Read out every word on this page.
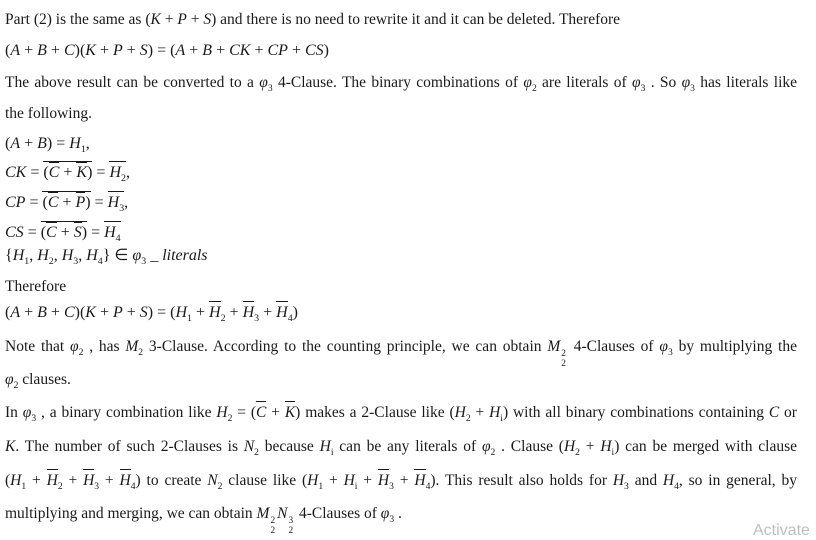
Part (2) is the same as (K + P + S) and there is no need to rewrite it and it can be deleted. Therefore
(A + B + C)(K + P + S) = (A + B + CK + CP + CS)
The above result can be converted to a $\varphi_3$ 4-Clause. The binary combinations of $\varphi_2$ are literals of $\varphi_3$ . So $\varphi_3$ has literals like
the following.
$(A + B) = H_1$,
CK = $(C + K) = H_2$,
CP = $(C + P) = H_3$,
CS = $(C + S) = H_4$
{$H_1$, $H_2$, $H_3$, $H_4$} ∈ $\varphi_3$ _ literals
Therefore
$(A + B + C)(K + P + S) = (H_1 + H_2 + H_3 + H_4)$
Note that $\varphi_2$ , has $M_2$ 3-Clause. According to the counting principle, we can obtain M 2
2
4-Clauses of $\varphi_3$ by multiplying the
$\varphi_2$ clauses.
In $\varphi_3$ , a binary combination like $H_2 = (C + K)$ makes a 2-Clause like $(H_2 + H_i)$ with all binary combinations containing C or
K. The number of such 2-Clauses is $N_2$ because $H_i$ can be any literals of $\varphi_2$ . Clause $(H_2 + H_i)$ can be merged with clause
$(H_1 + H_2 + H_3 + H_4)$ to create $N_2$ clause like $(H_1 + H_i + H_3 + H_4)$. This result also holds for $H_3$ and $H_4$, so in general, by
multiplying and merging, we can obtain M 2
2
N 3
2
4-Clauses of $\varphi_3$ .
Activate
